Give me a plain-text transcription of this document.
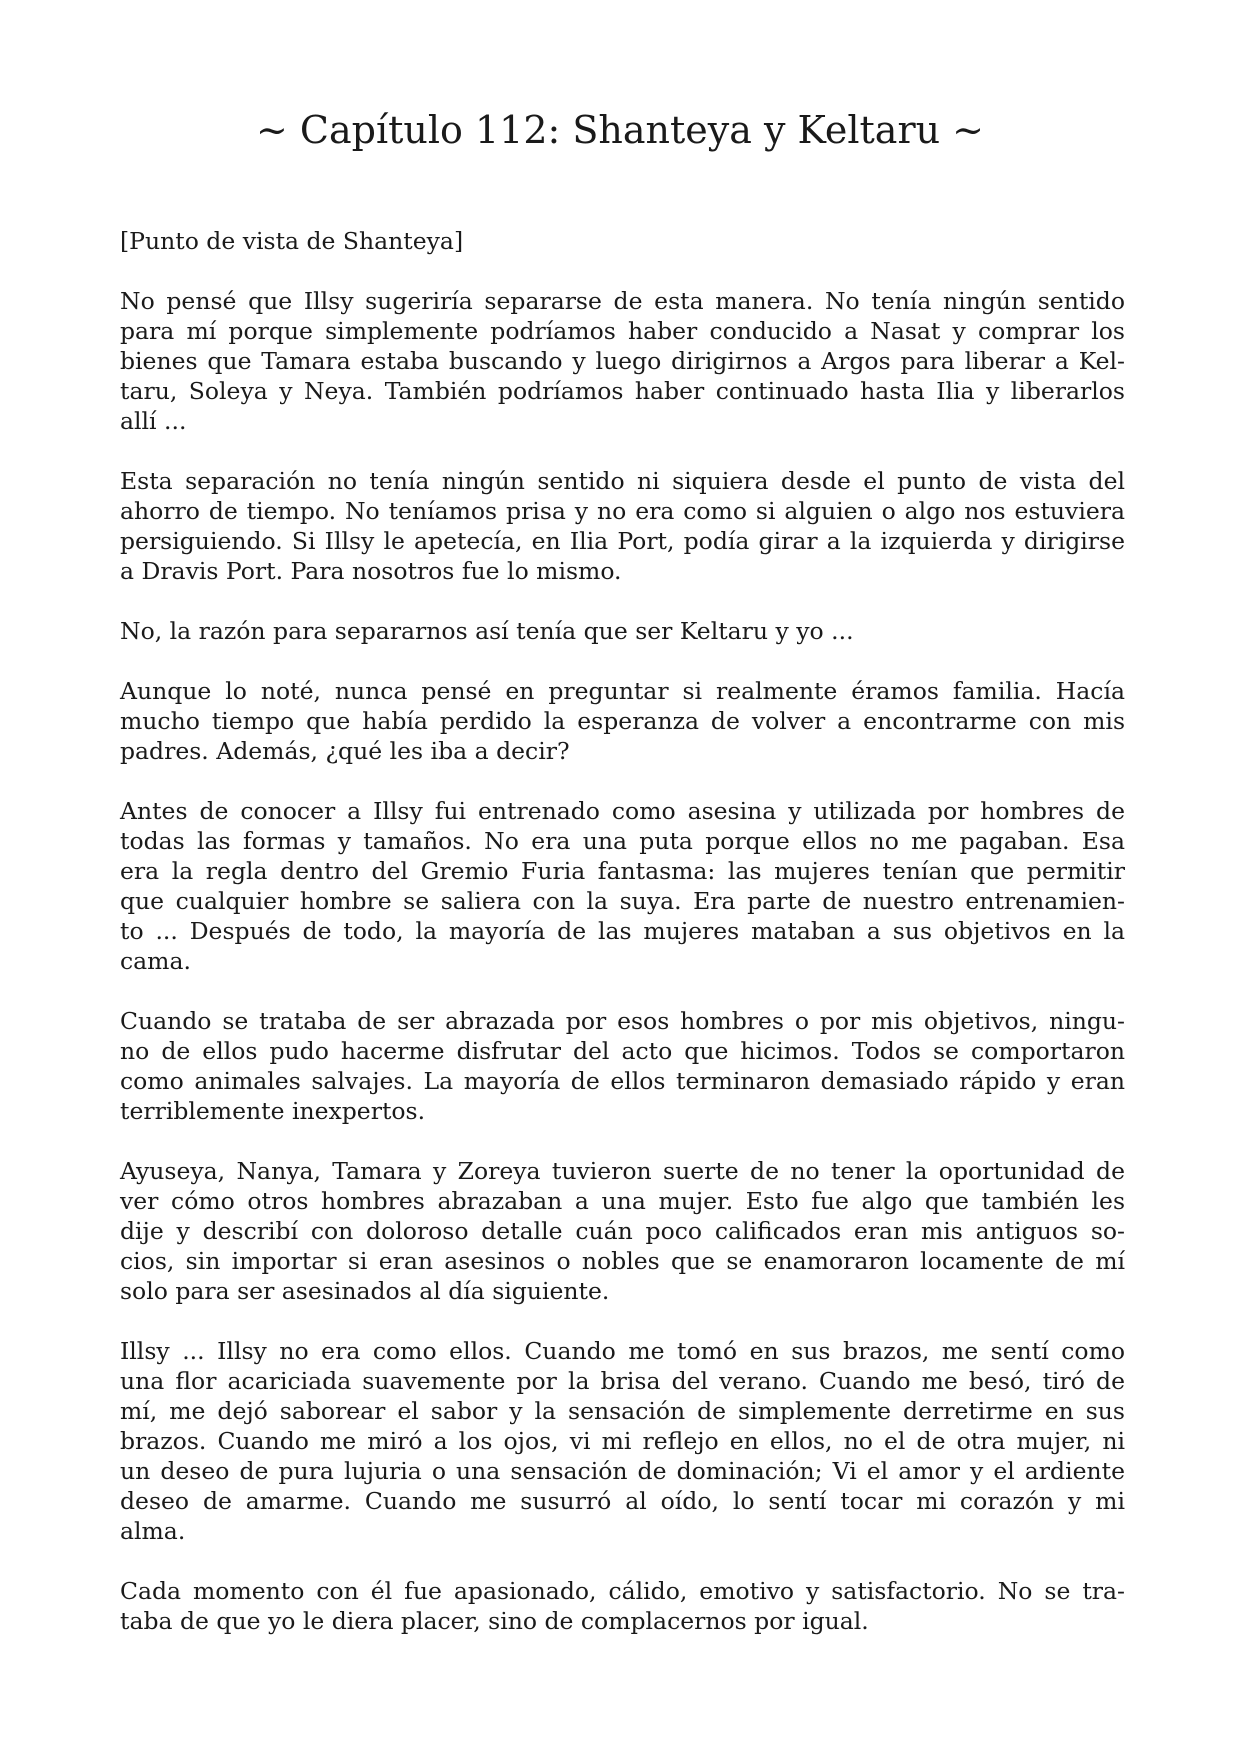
~ Capítulo 112: Shanteya y Keltaru ~

[Punto de vista de Shanteya]

No pensé que Illsy sugeriría separarse de esta manera. No tenía ningún sentido
para mí porque simplemente podríamos haber conducido a Nasat y comprar los
bienes que Tamara estaba buscando y luego dirigirnos a Argos para liberar a Kel-
taru, Soleya y Neya. También podríamos haber continuado hasta Ilia y liberarlos
allí ...

Esta separación no tenía ningún sentido ni siquiera desde el punto de vista del
ahorro de tiempo. No teníamos prisa y no era como si alguien o algo nos estuviera
persiguiendo. Si Illsy le apetecía, en Ilia Port, podía girar a la izquierda y dirigirse
a Dravis Port. Para nosotros fue lo mismo.

No, la razón para separarnos así tenía que ser Keltaru y yo ...

Aunque lo noté, nunca pensé en preguntar si realmente éramos familia. Hacía
mucho tiempo que había perdido la esperanza de volver a encontrarme con mis
padres. Además, ¿qué les iba a decir?

Antes de conocer a Illsy fui entrenado como asesina y utilizada por hombres de
todas las formas y tamaños. No era una puta porque ellos no me pagaban. Esa
era la regla dentro del Gremio Furia fantasma: las mujeres tenían que permitir
que cualquier hombre se saliera con la suya. Era parte de nuestro entrenamien-
to ... Después de todo, la mayoría de las mujeres mataban a sus objetivos en la
cama.

Cuando se trataba de ser abrazada por esos hombres o por mis objetivos, ningu-
no de ellos pudo hacerme disfrutar del acto que hicimos. Todos se comportaron
como animales salvajes. La mayoría de ellos terminaron demasiado rápido y eran
terriblemente inexpertos.

Ayuseya, Nanya, Tamara y Zoreya tuvieron suerte de no tener la oportunidad de
ver cómo otros hombres abrazaban a una mujer. Esto fue algo que también les
dije y describí con doloroso detalle cuán poco calificados eran mis antiguos so-
cios, sin importar si eran asesinos o nobles que se enamoraron locamente de mí
solo para ser asesinados al día siguiente.

Illsy ... Illsy no era como ellos. Cuando me tomó en sus brazos, me sentí como
una flor acariciada suavemente por la brisa del verano. Cuando me besó, tiró de
mí, me dejó saborear el sabor y la sensación de simplemente derretirme en sus
brazos. Cuando me miró a los ojos, vi mi reflejo en ellos, no el de otra mujer, ni
un deseo de pura lujuria o una sensación de dominación; Vi el amor y el ardiente
deseo de amarme. Cuando me susurró al oído, lo sentí tocar mi corazón y mi
alma.

Cada momento con él fue apasionado, cálido, emotivo y satisfactorio. No se tra-
taba de que yo le diera placer, sino de complacernos por igual.
